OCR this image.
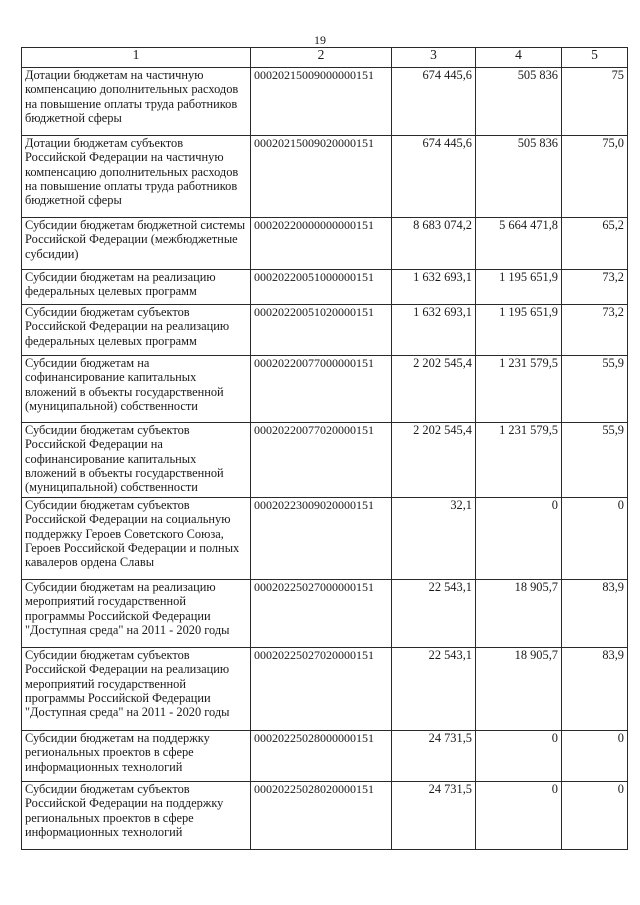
19
1	2	3	4	5
Дотации бюджетам на частичную компенсацию дополнительных расходов на повышение оплаты труда работников бюджетной сферы	00020215009000000151	674 445,6	505 836	75
Дотации бюджетам субъектов Российской Федерации на частичную компенсацию дополнительных расходов на повышение оплаты труда работников бюджетной сферы	00020215009020000151	674 445,6	505 836	75,0
Субсидии бюджетам бюджетной системы Российской Федерации (межбюджетные субсидии)	00020220000000000151	8 683 074,2	5 664 471,8	65,2
Субсидии бюджетам на реализацию федеральных целевых программ	00020220051000000151	1 632 693,1	1 195 651,9	73,2
Субсидии бюджетам субъектов Российской Федерации на реализацию федеральных целевых программ	00020220051020000151	1 632 693,1	1 195 651,9	73,2
Субсидии бюджетам на софинансирование капитальных вложений в объекты государственной (муниципальной) собственности	00020220077000000151	2 202 545,4	1 231 579,5	55,9
Субсидии бюджетам субъектов Российской Федерации на софинансирование капитальных вложений в объекты государственной (муниципальной) собственности	00020220077020000151	2 202 545,4	1 231 579,5	55,9
Субсидии бюджетам субъектов Российской Федерации на социальную поддержку Героев Советского Союза, Героев Российской Федерации и полных кавалеров ордена Славы	00020223009020000151	32,1	0	0
Субсидии бюджетам на реализацию мероприятий государственной программы Российской Федерации "Доступная среда" на 2011 - 2020 годы	00020225027000000151	22 543,1	18 905,7	83,9
Субсидии бюджетам субъектов Российской Федерации на реализацию мероприятий государственной программы Российской Федерации "Доступная среда" на 2011 - 2020 годы	00020225027020000151	22 543,1	18 905,7	83,9
Субсидии бюджетам на поддержку региональных проектов в сфере информационных технологий	00020225028000000151	24 731,5	0	0
Субсидии бюджетам субъектов Российской Федерации на поддержку региональных проектов в сфере информационных технологий	00020225028020000151	24 731,5	0	0
